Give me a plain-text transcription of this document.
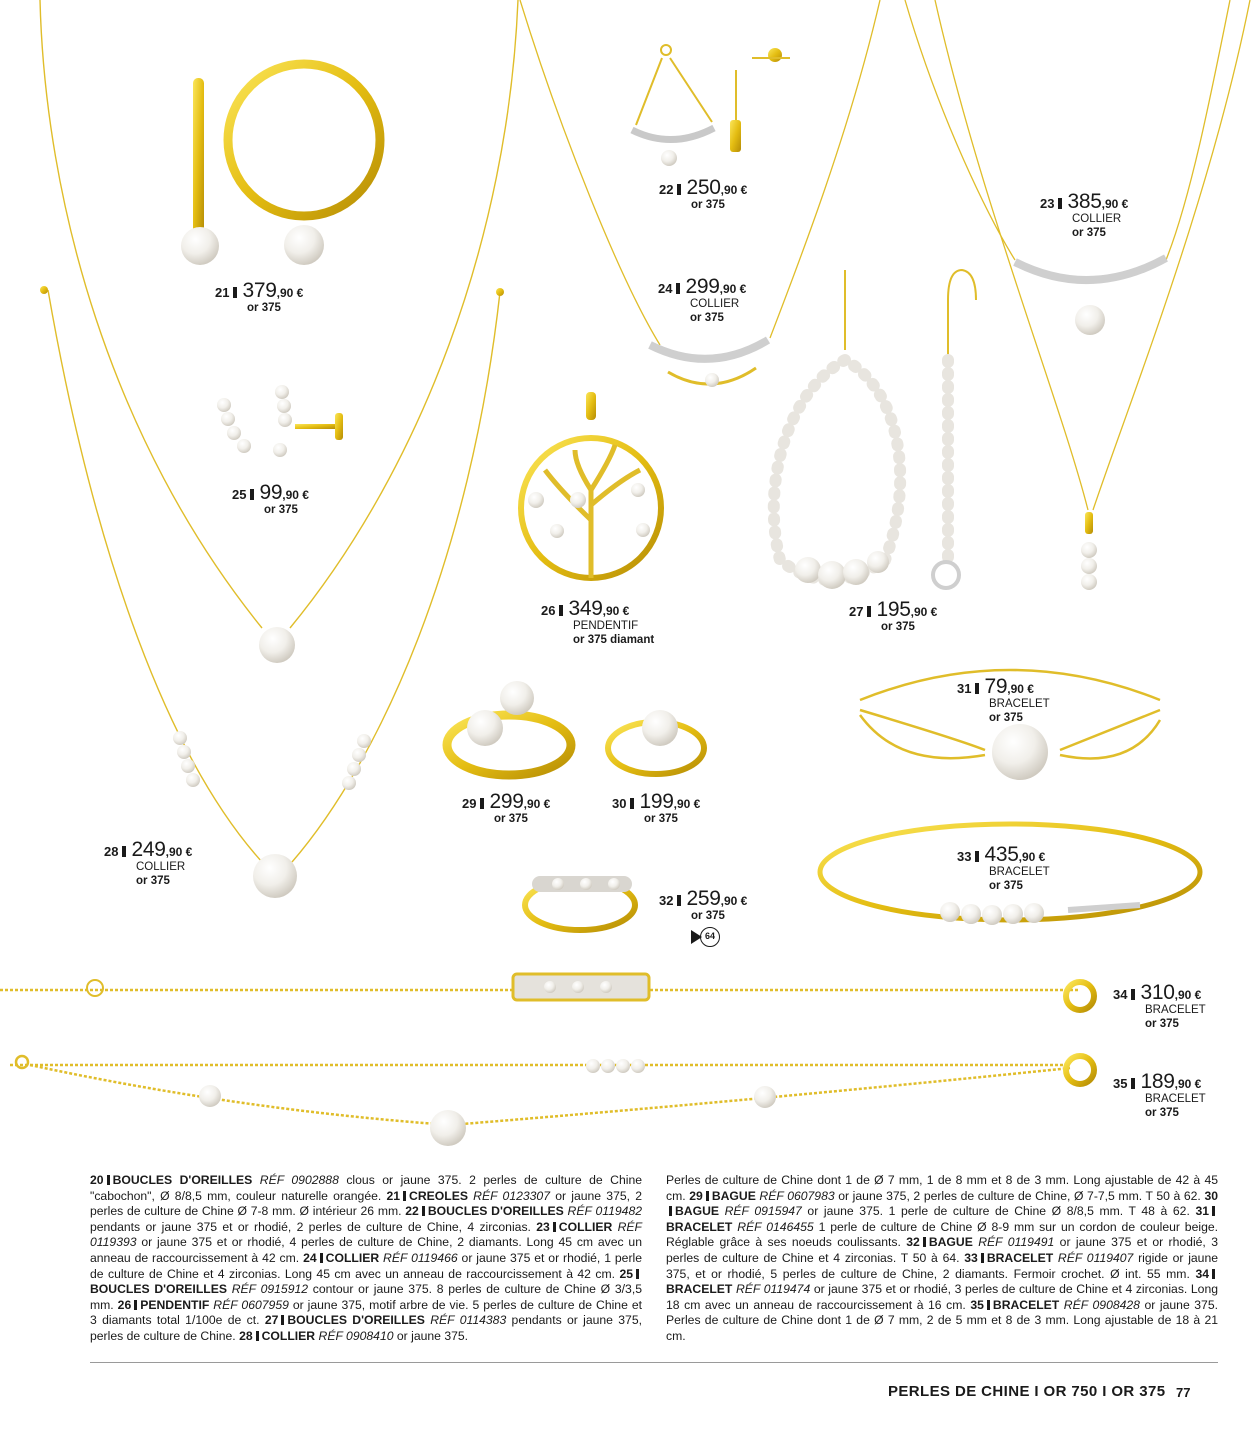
21 379,90 €
or 375
22 250,90 €
or 375	23 385,90 €
COLLIER
or 375
24 299,90 €
COLLIER
or 375
25 99,90 €
or 375
26 349,90 €
PENDENTIF
or 375 diamant
27 195,90 €
or 375
31 79,90 €
BRACELET
or 375
29 299,90 €
or 375
30 199,90 €
or 375
33 435,90 €
BRACELET
or 375
28 249,90 €
COLLIER
or 375
32 259,90 €
or 375
64
34 310,90 €
BRACELET
or 375
35 189,90 €
BRACELET
or 375
20 BOUCLES D'OREILLES RÉF 0902888 clous or jaune 375. 2 perles de culture de Chine "cabochon", Ø 8/8,5 mm, couleur naturelle orangée. 21 CREOLES RÉF 0123307 or jaune 375, 2 perles de culture de Chine Ø 7-8 mm. Ø intérieur 26 mm. 22 BOUCLES D'OREILLES RÉF 0119482 pendants or jaune 375 et or rhodié, 2 perles de culture de Chine, 4 zirconias. 23 COLLIER RÉF 0119393 or jaune 375 et or rhodié, 4 perles de culture de Chine, 2 diamants. Long 45 cm avec un anneau de raccourcissement à 42 cm. 24 COLLIER RÉF 0119466 or jaune 375 et or rhodié, 1 perle de culture de Chine et 4 zirconias. Long 45 cm avec un anneau de raccourcissement à 42 cm. 25BOUCLES D'OREILLES RÉF 0915912 contour or jaune 375. 8 perles de culture de Chine Ø 3/3,5 mm. 26 PENDENTIF RÉF 0607959 or jaune 375, motif arbre de vie. 5 perles de culture de Chine et 3 diamants total 1/100e de ct. 27 BOUCLES D'OREILLES RÉF 0114383 pendants or jaune 375, perles de culture de Chine. 28 COLLIER RÉF 0908410 or jaune 375.
Perles de culture de Chine dont 1 de Ø 7 mm, 1 de 8 mm et 8 de 3 mm. Long ajustable de 42 à 45 cm. 29 BAGUE RÉF 0607983 or jaune 375, 2 perles de culture de Chine, Ø 7-7,5 mm. T 50 à 62. 30BAGUE RÉF 0915947 or jaune 375. 1 perle de culture de Chine Ø 8/8,5 mm. T 48 à 62. 31BRACELET RÉF 0146455 1 perle de culture de Chine Ø 8-9 mm sur un cordon de couleur beige. Réglable grâce à ses noeuds coulissants. 32 BAGUE RÉF 0119491 or jaune 375 et or rhodié, 3 perles de culture de Chine et 4 zirconias. T 50 à 64. 33 BRACELET RÉF 0119407 rigide or jaune 375, et or rhodié, 5 perles de culture de Chine, 2 diamants. Fermoir crochet. Ø int. 55 mm. 34BRACELET RÉF 0119474 or jaune 375 et or rhodié, 3 perles de culture de Chine et 4 zirconias. Long 18 cm avec un anneau de raccourcissement à 16 cm. 35 BRACELET RÉF 0908428 or jaune 375. Perles de culture de Chine dont 1 de Ø 7 mm, 2 de 5 mm et 8 de 3 mm. Long ajustable de 18 à 21 cm.
PERLES DE CHINE I OR 750 I OR 375 77
